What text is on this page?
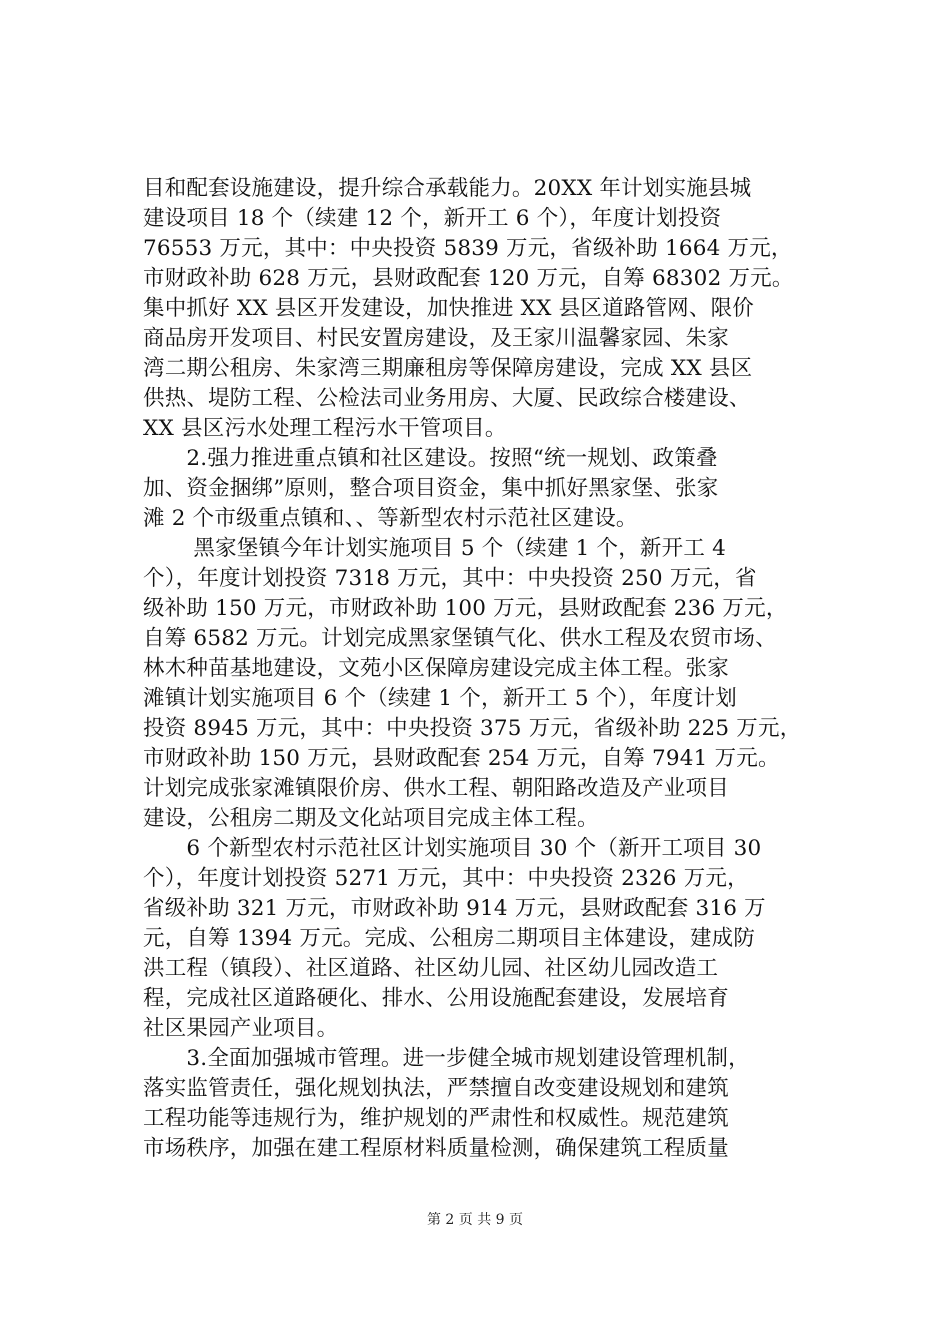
目和配套设施建设，提升综合承载能力。20XX 年计划实施县城
建设项目 18 个（续建 12 个，新开工 6 个），年度计划投资
76553 万元，其中：中央投资 5839 万元，省级补助 1664 万元，
市财政补助 628 万元，县财政配套 120 万元，自筹 68302 万元。
集中抓好 XX 县区开发建设，加快推进 XX 县区道路管网、限价
商品房开发项目、村民安置房建设，及王家川温馨家园、朱家
湾二期公租房、朱家湾三期廉租房等保障房建设，完成 XX 县区
供热、堤防工程、公检法司业务用房、大厦、民政综合楼建设、
XX 县区污水处理工程污水干管项目。
　　2.强力推进重点镇和社区建设。按照“统一规划、政策叠
加、资金捆绑”原则，整合项目资金，集中抓好黑家堡、张家
滩 2 个市级重点镇和、、等新型农村示范社区建设。
　　 黑家堡镇今年计划实施项目 5 个（续建 1 个，新开工 4
个），年度计划投资 7318 万元，其中：中央投资 250 万元，省
级补助 150 万元，市财政补助 100 万元，县财政配套 236 万元，
自筹 6582 万元。计划完成黑家堡镇气化、供水工程及农贸市场、
林木种苗基地建设，文苑小区保障房建设完成主体工程。张家
滩镇计划实施项目 6 个（续建 1 个，新开工 5 个），年度计划
投资 8945 万元，其中：中央投资 375 万元，省级补助 225 万元，
市财政补助 150 万元，县财政配套 254 万元，自筹 7941 万元。
计划完成张家滩镇限价房、供水工程、朝阳路改造及产业项目
建设，公租房二期及文化站项目完成主体工程。
　　6 个新型农村示范社区计划实施项目 30 个（新开工项目 30
个），年度计划投资 5271 万元，其中：中央投资 2326 万元，
省级补助 321 万元，市财政补助 914 万元，县财政配套 316 万
元，自筹 1394 万元。完成、公租房二期项目主体建设，建成防
洪工程（镇段）、社区道路、社区幼儿园、社区幼儿园改造工
程，完成社区道路硬化、排水、公用设施配套建设，发展培育
社区果园产业项目。
　　3.全面加强城市管理。进一步健全城市规划建设管理机制，
落实监管责任，强化规划执法，严禁擅自改变建设规划和建筑
工程功能等违规行为，维护规划的严肃性和权威性。规范建筑
市场秩序，加强在建工程原材料质量检测，确保建筑工程质量
第 2 页 共 9 页
